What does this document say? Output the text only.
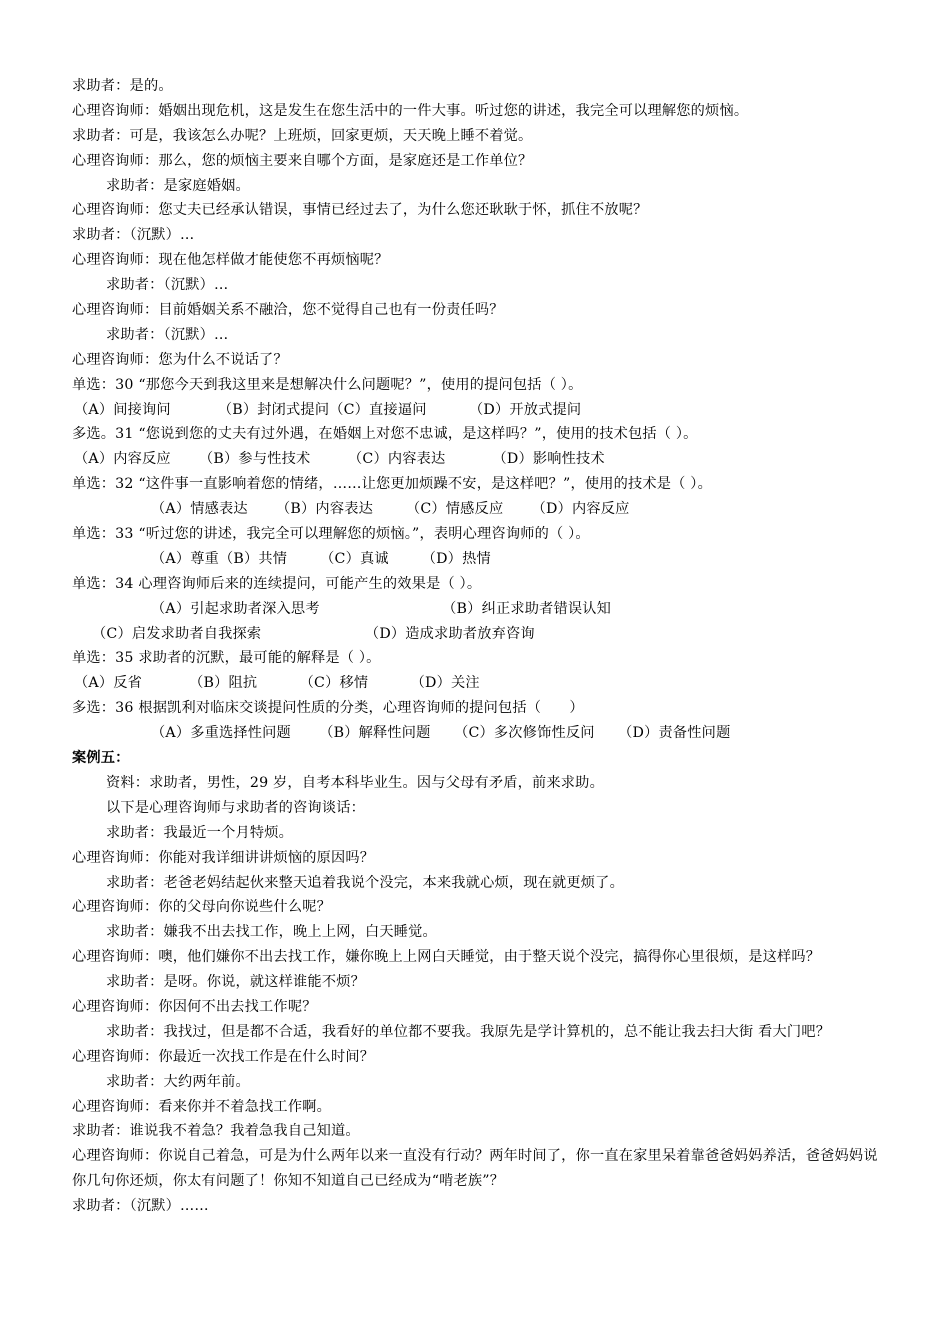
求助者：是的。
心理咨询师：婚姻出现危机，这是发生在您生活中的一件大事。听过您的讲述，我完全可以理解您的烦恼。
求助者：可是，我该怎么办呢？上班烦，回家更烦，天天晚上睡不着觉。
心理咨询师：那么，您的烦恼主要来自哪个方面，是家庭还是工作单位？
求助者：是家庭婚姻。
心理咨询师：您丈夫已经承认错误，事情已经过去了，为什么您还耿耿于怀，抓住不放呢？
求助者：（沉默）…
心理咨询师：现在他怎样做才能使您不再烦恼呢？
求助者：（沉默）…
心理咨询师：目前婚姻关系不融洽，您不觉得自己也有一份责任吗？
求助者：（沉默）…
心理咨询师：您为什么不说话了？
单选：30 “那您今天到我这里来是想解决什么问题呢？”，使用的提问包括（ ）。
（A）间接询问          （B）封闭式提问（C）直接逼问         （D）开放式提问
多选。31 “您说到您的丈夫有过外遇，在婚姻上对您不忠诚，是这样吗？”，使用的技术包括（ ）。
（A）内容反应      （B）参与性技术        （C）内容表达          （D）影响性技术
单选：32 “这件事一直影响着您的情绪，……让您更加烦躁不安，是这样吧？”，使用的技术是（ ）。
（A）情感表达      （B）内容表达       （C）情感反应      （D）内容反应
单选：33 “听过您的讲述，我完全可以理解您的烦恼。”，表明心理咨询师的（ ）。
（A）尊重（B）共情       （C）真诚       （D）热情
单选：34 心理咨询师后来的连续提问，可能产生的效果是（ ）。
（A）引起求助者深入思考                          （B）纠正求助者错误认知
（C）启发求助者自我探索                      （D）造成求助者放弃咨询
单选：35 求助者的沉默，最可能的解释是（ ）。
（A）反省          （B）阻抗         （C）移情         （D）关注
多选：36 根据凯利对临床交谈提问性质的分类，心理咨询师的提问包括（      ）
（A）多重选择性问题      （B）解释性问题     （C）多次修饰性反问     （D）责备性问题
案例五：
资料：求助者，男性，29 岁，自考本科毕业生。因与父母有矛盾，前来求助。
以下是心理咨询师与求助者的咨询谈话：
求助者：我最近一个月特烦。
心理咨询师：你能对我详细讲讲烦恼的原因吗？
求助者：老爸老妈结起伙来整天追着我说个没完，本来我就心烦，现在就更烦了。
心理咨询师：你的父母向你说些什么呢？
求助者：嫌我不出去找工作，晚上上网，白天睡觉。
心理咨询师：噢，他们嫌你不出去找工作，嫌你晚上上网白天睡觉，由于整天说个没完，搞得你心里很烦，是这样吗？
求助者：是呀。你说，就这样谁能不烦？
心理咨询师：你因何不出去找工作呢？
求助者：我找过，但是都不合适，我看好的单位都不要我。我原先是学计算机的，总不能让我去扫大街 看大门吧？
心理咨询师：你最近一次找工作是在什么时间？
求助者：大约两年前。
心理咨询师：看来你并不着急找工作啊。
求助者：谁说我不着急？我着急我自己知道。
心理咨询师：你说自己着急，可是为什么两年以来一直没有行动？两年时间了，你一直在家里呆着靠爸爸妈妈养活，爸爸妈妈说你几句你还烦，你太有问题了！你知不知道自己已经成为“啃老族”？
求助者：（沉默）……
